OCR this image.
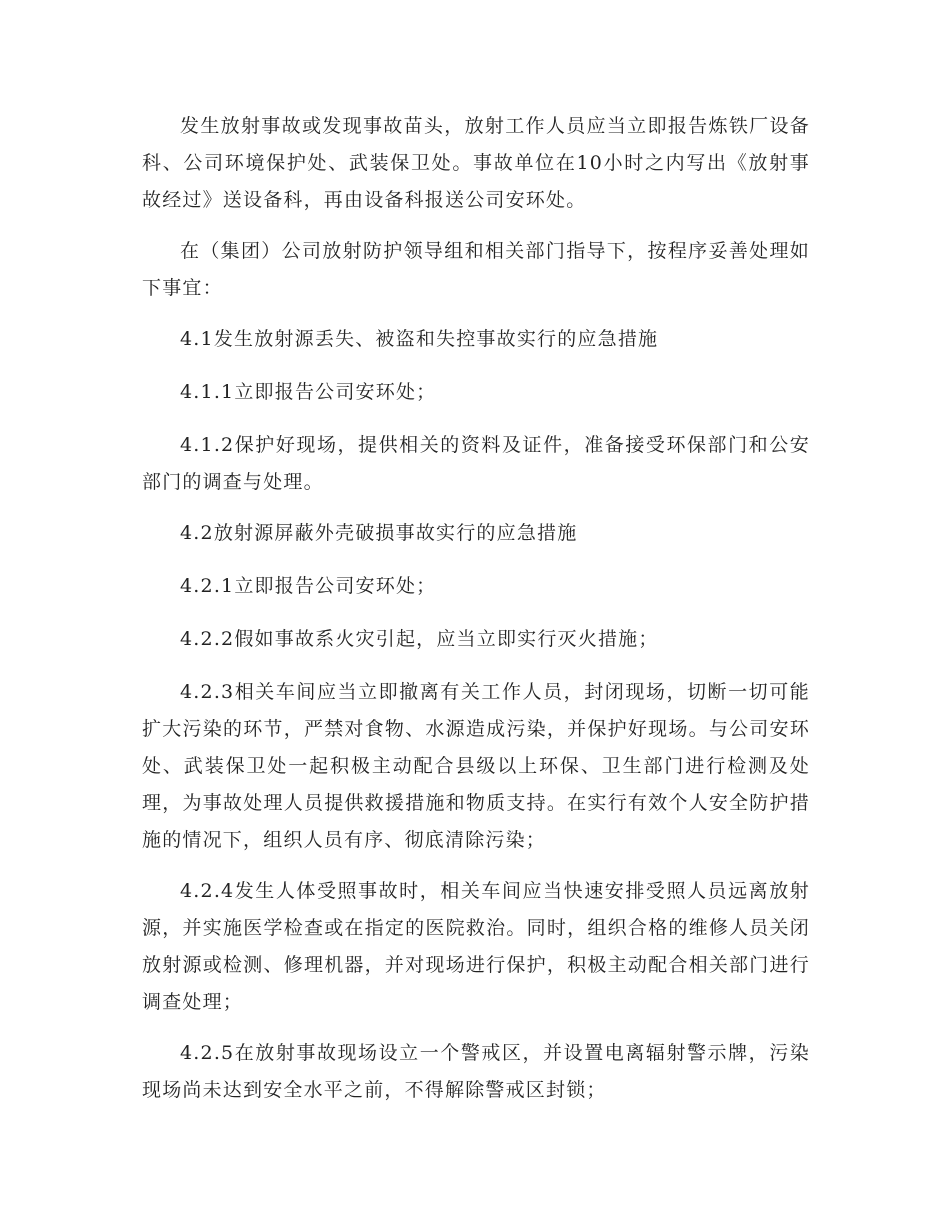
发生放射事故或发现事故苗头，放射工作人员应当立即报告炼铁厂设备科、公司环境保护处、武装保卫处。事故单位在10小时之内写出《放射事故经过》送设备科，再由设备科报送公司安环处。

在（集团）公司放射防护领导组和相关部门指导下，按程序妥善处理如下事宜：

4.1发生放射源丢失、被盗和失控事故实行的应急措施

4.1.1立即报告公司安环处；

4.1.2保护好现场，提供相关的资料及证件，准备接受环保部门和公安部门的调查与处理。

4.2放射源屏蔽外壳破损事故实行的应急措施

4.2.1立即报告公司安环处；

4.2.2假如事故系火灾引起，应当立即实行灭火措施；

4.2.3相关车间应当立即撤离有关工作人员，封闭现场，切断一切可能扩大污染的环节，严禁对食物、水源造成污染，并保护好现场。与公司安环处、武装保卫处一起积极主动配合县级以上环保、卫生部门进行检测及处理，为事故处理人员提供救援措施和物质支持。在实行有效个人安全防护措施的情况下，组织人员有序、彻底清除污染；

4.2.4发生人体受照事故时，相关车间应当快速安排受照人员远离放射源，并实施医学检查或在指定的医院救治。同时，组织合格的维修人员关闭放射源或检测、修理机器，并对现场进行保护，积极主动配合相关部门进行调查处理；

4.2.5在放射事故现场设立一个警戒区，并设置电离辐射警示牌，污染现场尚未达到安全水平之前，不得解除警戒区封锁；
